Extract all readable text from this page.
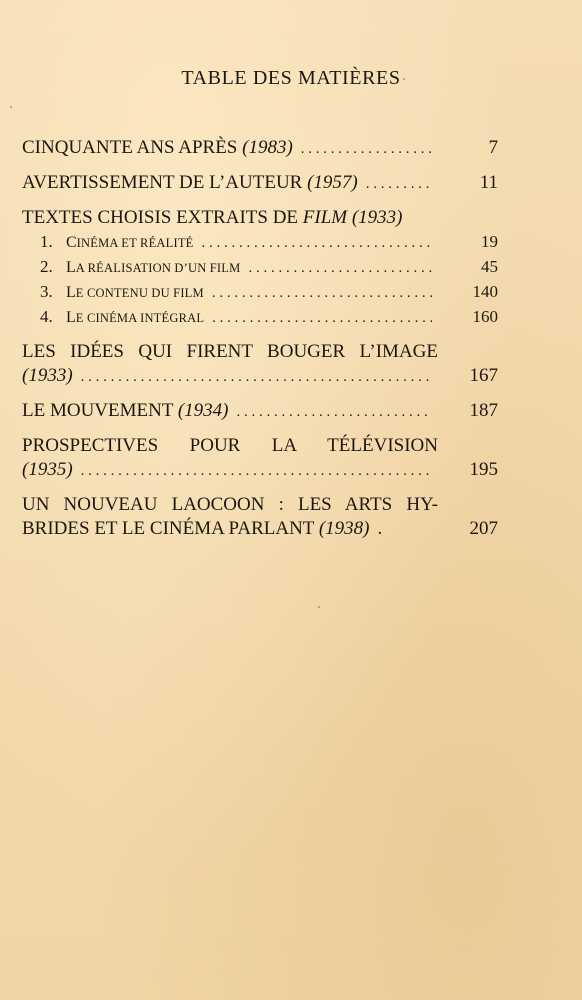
TABLE DES MATIÈRES
CINQUANTE ANS APRÈS (1983) . . .	7
AVERTISSEMENT DE L’AUTEUR (1957) . . .	11
TEXTES CHOISIS EXTRAITS DE FILM (1933)
1. CINÉMA ET RÉALITÉ . . .	19
2. LA RÉALISATION D’UN FILM . . .	45
3. LE CONTENU DU FILM . . .	140
4. LE CINÉMA INTÉGRAL . . .	160
LES IDÉES QUI FIRENT BOUGER L’IMAGE
(1933) . . .	167
LE MOUVEMENT (1934) . . .	187
PROSPECTIVES POUR LA TÉLÉVISION
(1935) . . .	195
UN NOUVEAU LAOCOON : LES ARTS HY-
BRIDES ET LE CINÉMA PARLANT (1938) .	207
